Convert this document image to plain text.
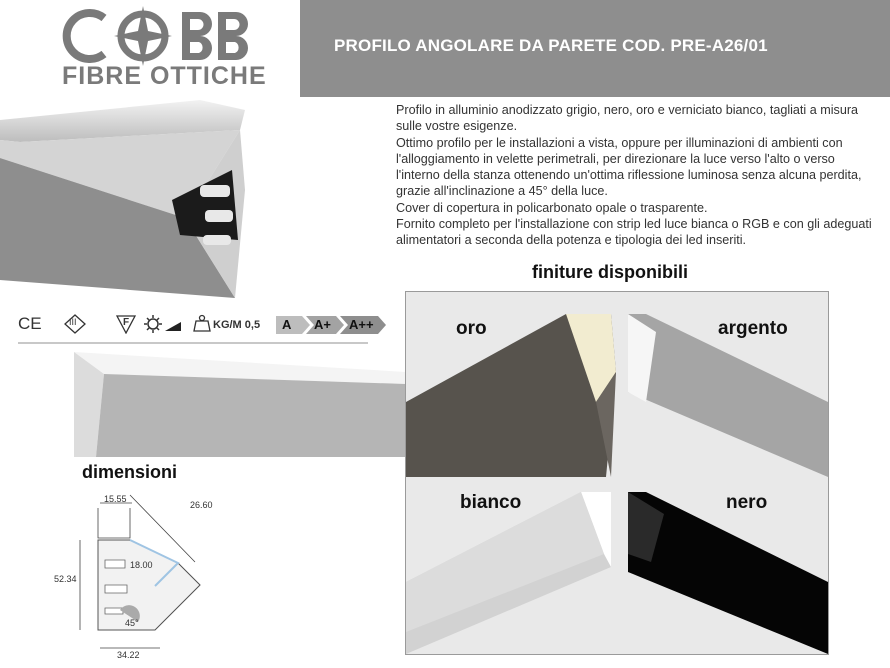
FIBRE OTTICHE
PROFILO ANGOLARE DA PARETE COD. PRE-A26/01

Profilo in alluminio anodizzato grigio, nero, oro e verniciato bianco, tagliati a misura sulle vostre esigenze.

Ottimo profilo per le installazioni a vista, oppure per illuminazioni di ambienti con l'alloggiamento in velette perimetrali, per direzionare la luce verso l'alto o verso l'interno della stanza ottenendo un'ottima riflessione luminosa senza alcuna perdita, grazie all'inclinazione a 45° della luce.

Cover di copertura in policarbonato opale o trasparente.

Fornito completo per l'installazione con strip led luce bianca o RGB e con gli adeguati alimentatori a seconda della potenza e tipologia dei led inseriti.

CE	III	F	KG/M 0,5	A	A+	A++
finiture disponibili
oro	argento
bianco	nero
dimensioni
15.55
26.60
18.00
52.34
45°
34.22
